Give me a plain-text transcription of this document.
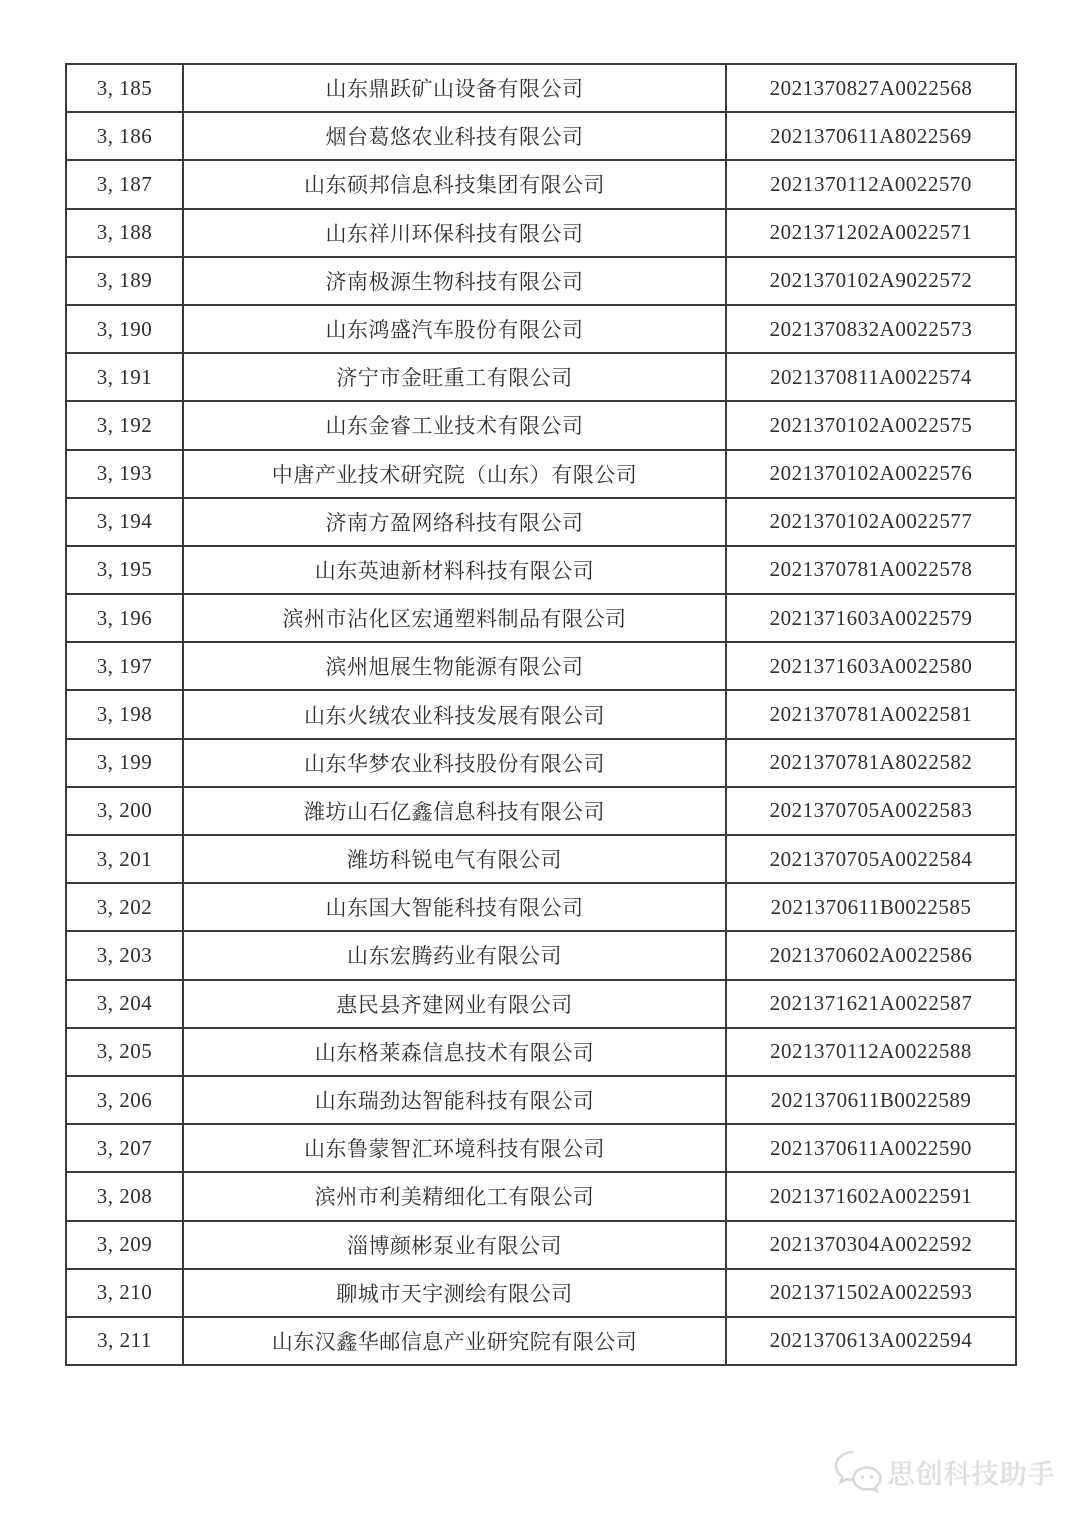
3, 185	山东鼎跃矿山设备有限公司	2021370827A0022568
3, 186	烟台葛悠农业科技有限公司	2021370611A8022569
3, 187	山东硕邦信息科技集团有限公司	2021370112A0022570
3, 188	山东祥川环保科技有限公司	2021371202A0022571
3, 189	济南极源生物科技有限公司	2021370102A9022572
3, 190	山东鸿盛汽车股份有限公司	2021370832A0022573
3, 191	济宁市金旺重工有限公司	2021370811A0022574
3, 192	山东金睿工业技术有限公司	2021370102A0022575
3, 193	中唐产业技术研究院（山东）有限公司	2021370102A0022576
3, 194	济南方盈网络科技有限公司	2021370102A0022577
3, 195	山东英迪新材料科技有限公司	2021370781A0022578
3, 196	滨州市沾化区宏通塑料制品有限公司	2021371603A0022579
3, 197	滨州旭展生物能源有限公司	2021371603A0022580
3, 198	山东火绒农业科技发展有限公司	2021370781A0022581
3, 199	山东华梦农业科技股份有限公司	2021370781A8022582
3, 200	潍坊山石亿鑫信息科技有限公司	2021370705A0022583
3, 201	潍坊科锐电气有限公司	2021370705A0022584
3, 202	山东国大智能科技有限公司	2021370611B0022585
3, 203	山东宏腾药业有限公司	2021370602A0022586
3, 204	惠民县齐建网业有限公司	2021371621A0022587
3, 205	山东格莱森信息技术有限公司	2021370112A0022588
3, 206	山东瑞劲达智能科技有限公司	2021370611B0022589
3, 207	山东鲁蒙智汇环境科技有限公司	2021370611A0022590
3, 208	滨州市利美精细化工有限公司	2021371602A0022591
3, 209	淄博颜彬泵业有限公司	2021370304A0022592
3, 210	聊城市天宇测绘有限公司	2021371502A0022593
3, 211	山东汉鑫华邮信息产业研究院有限公司	2021370613A0022594
思创科技助手
